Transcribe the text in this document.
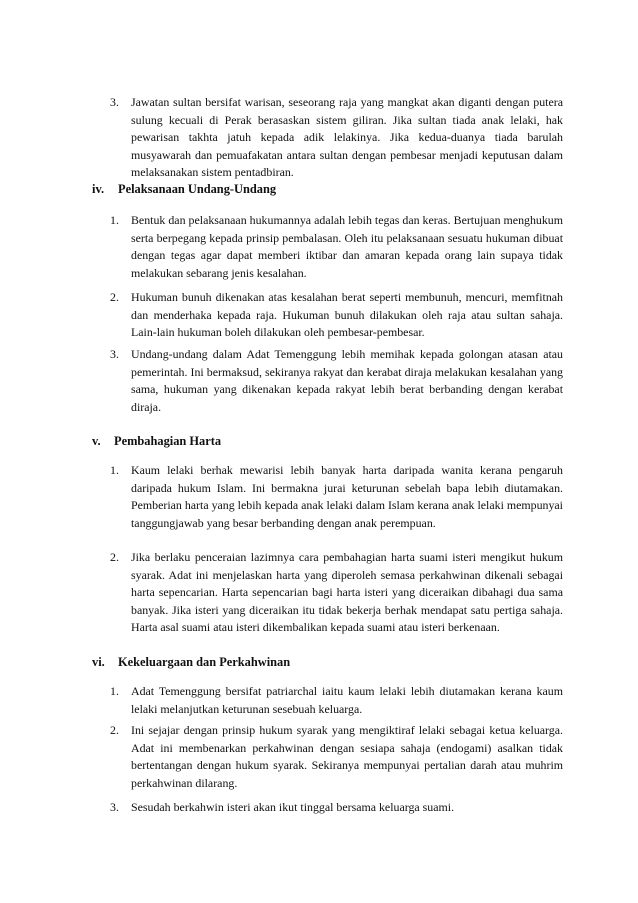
3.	Jawatan sultan bersifat warisan, seseorang raja yang mangkat akan diganti dengan putera sulung kecuali di Perak berasaskan sistem giliran. Jika sultan tiada anak lelaki, hak pewarisan takhta jatuh kepada adik lelakinya. Jika kedua-duanya tiada barulah musyawarah dan pemuafakatan antara sultan dengan pembesar menjadi keputusan dalam melaksanakan sistem pentadbiran.
iv. Pelaksanaan Undang-Undang
1.	Bentuk dan pelaksanaan hukumannya adalah lebih tegas dan keras. Bertujuan menghukum serta berpegang kepada prinsip pembalasan. Oleh itu pelaksanaan sesuatu hukuman dibuat dengan tegas agar dapat memberi iktibar dan amaran kepada orang lain supaya tidak melakukan sebarang jenis kesalahan.
2.	Hukuman bunuh dikenakan atas kesalahan berat seperti membunuh, mencuri, memfitnah dan menderhaka kepada raja. Hukuman bunuh dilakukan oleh raja atau sultan sahaja. Lain-lain hukuman boleh dilakukan oleh pembesar-pembesar.
3.	Undang-undang dalam Adat Temenggung lebih memihak kepada golongan atasan atau pemerintah. Ini bermaksud, sekiranya rakyat dan kerabat diraja melakukan kesalahan yang sama, hukuman yang dikenakan kepada rakyat lebih berat berbanding dengan kerabat diraja.
v. Pembahagian Harta
1.	Kaum lelaki berhak mewarisi lebih banyak harta daripada wanita kerana pengaruh daripada hukum Islam. Ini bermakna jurai keturunan sebelah bapa lebih diutamakan. Pemberian harta yang lebih kepada anak lelaki dalam Islam kerana anak lelaki mempunyai tanggungjawab yang besar berbanding dengan anak perempuan.
2.	Jika berlaku penceraian lazimnya cara pembahagian harta suami isteri mengikut hukum syarak. Adat ini menjelaskan harta yang diperoleh semasa perkahwinan dikenali sebagai harta sepencarian. Harta sepencarian bagi harta isteri yang diceraikan dibahagi dua sama banyak. Jika isteri yang diceraikan itu tidak bekerja berhak mendapat satu pertiga sahaja. Harta asal suami atau isteri dikembalikan kepada suami atau isteri berkenaan.
vi. Kekeluargaan dan Perkahwinan
1.	Adat Temenggung bersifat patriarchal iaitu kaum lelaki lebih diutamakan kerana kaum lelaki melanjutkan keturunan sesebuah keluarga.
2.	Ini sejajar dengan prinsip hukum syarak yang mengiktiraf lelaki sebagai ketua keluarga. Adat ini membenarkan perkahwinan dengan sesiapa sahaja (endogami) asalkan tidak bertentangan dengan hukum syarak. Sekiranya mempunyai pertalian darah atau muhrim perkahwinan dilarang.
3.	Sesudah berkahwin isteri akan ikut tinggal bersama keluarga suami.
